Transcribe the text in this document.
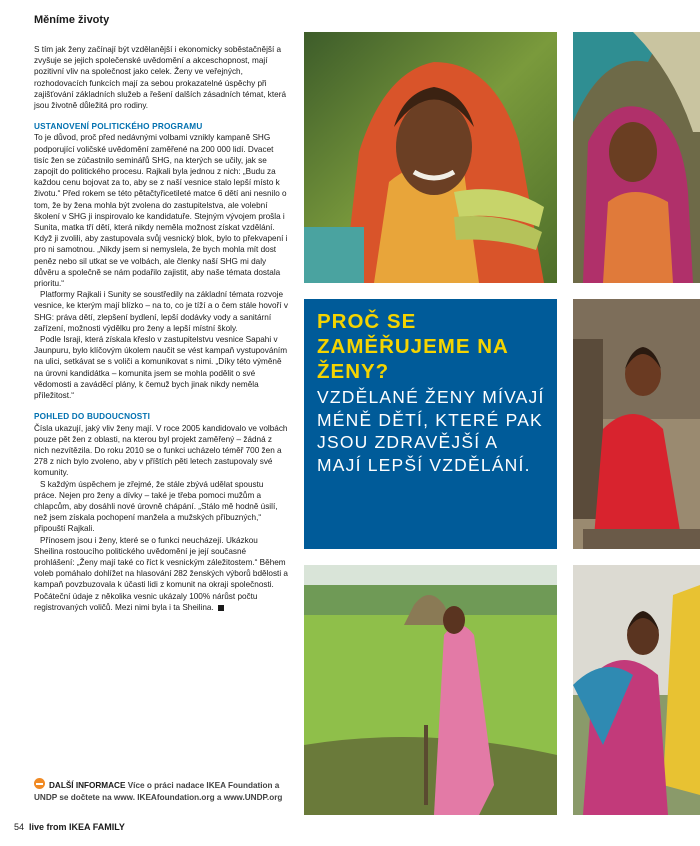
Měníme životy

S tím jak ženy začínají být vzdělanější i ekonomicky soběstačnější a zvyšuje se jejich společenské uvědomění a akceschopnost, mají pozitivní vliv na společnost jako celek. Ženy ve veřejných, rozhodovacích funkcích mají za sebou prokazatelné úspěchy při zajišťování základních služeb a řešení dalších zásadních témat, která jsou životně důležitá pro rodiny.

USTANOVENÍ POLITICKÉHO PROGRAMU

To je důvod, proč před nedávnými volbami vznikly kampaně SHG podporující voličské uvědomění zaměřené na 200 000 lidí. Dvacet tisíc žen se zúčastnilo seminářů SHG, na kterých se učily, jak se zapojit do politického procesu. Rajkali byla jednou z nich: „Budu za každou cenu bojovat za to, aby se z naší vesnice stalo lepší místo k životu.“ Před rokem se této pětačtyřicetileté matce 6 dětí ani nesnilo o tom, že by žena mohla být zvolena do zastupitelstva, ale volební školení v SHG ji inspirovalo ke kandidatuře. Stejným vývojem prošla i Sunita, matka tří dětí, která nikdy neměla možnost získat vzdělání. Když ji zvolili, aby zastupovala svůj vesnický blok, bylo to překvapení i pro ni samotnou. „Nikdy jsem si nemyslela, že bych mohla mít dost peněz nebo sil utkat se ve volbách, ale členky naší SHG mi daly důvěru a společně se nám podařilo zajistit, aby naše témata dostala prioritu.“

Platformy Rajkali i Sunity se soustředily na základní témata rozvoje vesnice, ke kterým mají blízko – na to, co je tíží a o čem stále hovoří v SHG: práva dětí, zlepšení bydlení, lepší dodávky vody a sanitární zařízení, možnosti výdělku pro ženy a lepší místní školy.

Podle Israji, která získala křeslo v zastupitelstvu vesnice Sapahi v Jaunpuru, bylo klíčovým úkolem naučit se vést kampaň vystupováním na ulici, setkávat se s voliči a komunikovat s nimi. „Díky této výměně na úrovni kandidátka – komunita jsem se mohla podělit o své vědomosti a zaváděcí plány, k čemuž bych jinak nikdy neměla příležitost.“

POHLED DO BUDOUCNOSTI

Čísla ukazují, jaký vliv ženy mají. V roce 2005 kandidovalo ve volbách pouze pět žen z oblasti, na kterou byl projekt zaměřený – žádná z nich nezvítězila. Do roku 2010 se o funkci ucházelo téměř 700 žen a 278 z nich bylo zvoleno, aby v příštích pěti letech zastupovaly své komunity.

S každým úspěchem je zřejmé, že stále zbývá udělat spoustu práce. Nejen pro ženy a dívky – také je třeba pomoci mužům a chlapcům, aby dosáhli nové úrovně chápání. „Stálo mě hodně úsilí, než jsem získala pochopení manžela a mužských příbuzných,“ připouští Rajkali.

Přínosem jsou i ženy, které se o funkci neucházejí. Ukázkou Sheilina rostoucího politického uvědomění je její současné prohlášení: „Ženy mají také co říct k vesnickým záležitostem.“ Během voleb pomáhalo dohlížet na hlasování 282 ženských výborů bdělosti a kampaň povzbuzovala k účasti lidi z komunit na okraji společnosti. Počáteční údaje z několika vesnic ukázaly 100% nárůst počtu registrovaných voličů. Mezi nimi byla i ta Sheilina.

DALŠÍ INFORMACE Více o práci nadace IKEA Foundation a UNDP se dočtete na www. IKEAfoundation.org a www.UNDP.org
54 live from IKEA FAMILY

PROČ SE ZAMĚŘUJEME NA ŽENY?

VZDĚLANÉ ŽENY MÍVAJÍ MÉNĚ DĚTÍ, KTERÉ PAK JSOU ZDRAVĚJŠÍ A MAJÍ LEPŠÍ VZDĚLÁNÍ.
